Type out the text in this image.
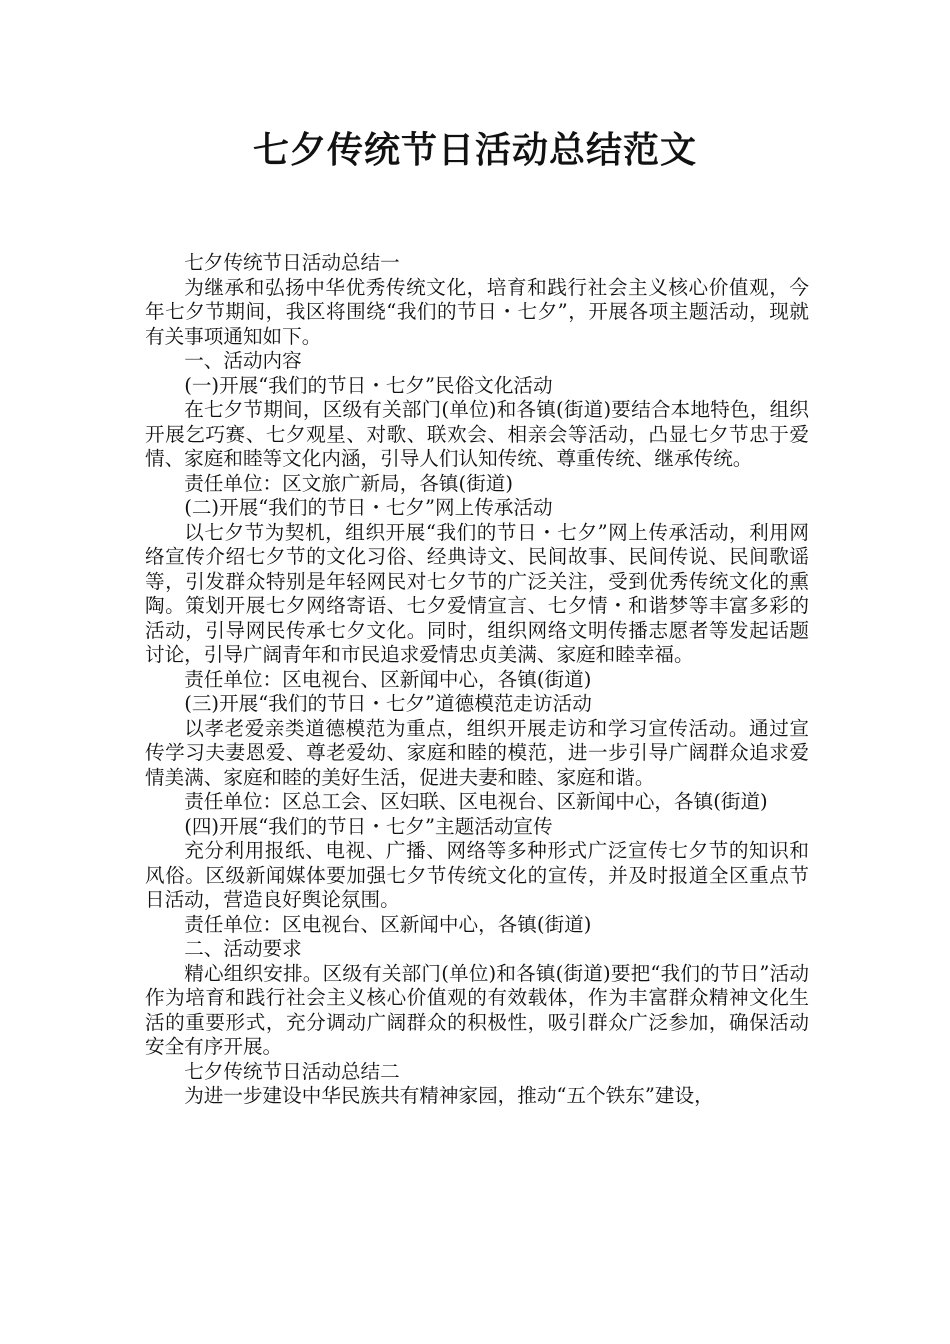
七夕传统节日活动总结范文

七夕传统节日活动总结一

为继承和弘扬中华优秀传统文化，培育和践行社会主义核心价值观，今年七夕节期间，我区将围绕“我们的节日・七夕”，开展各项主题活动，现就有关事项通知如下。

一、活动内容

(一)开展“我们的节日・七夕”民俗文化活动

在七夕节期间，区级有关部门(单位)和各镇(街道)要结合本地特色，组织开展乞巧赛、七夕观星、对歌、联欢会、相亲会等活动，凸显七夕节忠于爱情、家庭和睦等文化内涵，引导人们认知传统、尊重传统、继承传统。

责任单位：区文旅广新局，各镇(街道)

(二)开展“我们的节日・七夕”网上传承活动

以七夕节为契机，组织开展“我们的节日・七夕”网上传承活动，利用网络宣传介绍七夕节的文化习俗、经典诗文、民间故事、民间传说、民间歌谣等，引发群众特别是年轻网民对七夕节的广泛关注，受到优秀传统文化的熏陶。策划开展七夕网络寄语、七夕爱情宣言、七夕情・和谐梦等丰富多彩的活动，引导网民传承七夕文化。同时，组织网络文明传播志愿者等发起话题讨论，引导广阔青年和市民追求爱情忠贞美满、家庭和睦幸福。

责任单位：区电视台、区新闻中心，各镇(街道)

(三)开展“我们的节日・七夕”道德模范走访活动

以孝老爱亲类道德模范为重点，组织开展走访和学习宣传活动。通过宣传学习夫妻恩爱、尊老爱幼、家庭和睦的模范，进一步引导广阔群众追求爱情美满、家庭和睦的美好生活，促进夫妻和睦、家庭和谐。

责任单位：区总工会、区妇联、区电视台、区新闻中心，各镇(街道)

(四)开展“我们的节日・七夕”主题活动宣传

充分利用报纸、电视、广播、网络等多种形式广泛宣传七夕节的知识和风俗。区级新闻媒体要加强七夕节传统文化的宣传，并及时报道全区重点节日活动，营造良好舆论氛围。

责任单位：区电视台、区新闻中心，各镇(街道)

二、活动要求

精心组织安排。区级有关部门(单位)和各镇(街道)要把“我们的节日”活动作为培育和践行社会主义核心价值观的有效载体，作为丰富群众精神文化生活的重要形式，充分调动广阔群众的积极性，吸引群众广泛参加，确保活动安全有序开展。

七夕传统节日活动总结二

为进一步建设中华民族共有精神家园，推动“五个铁东”建设，
